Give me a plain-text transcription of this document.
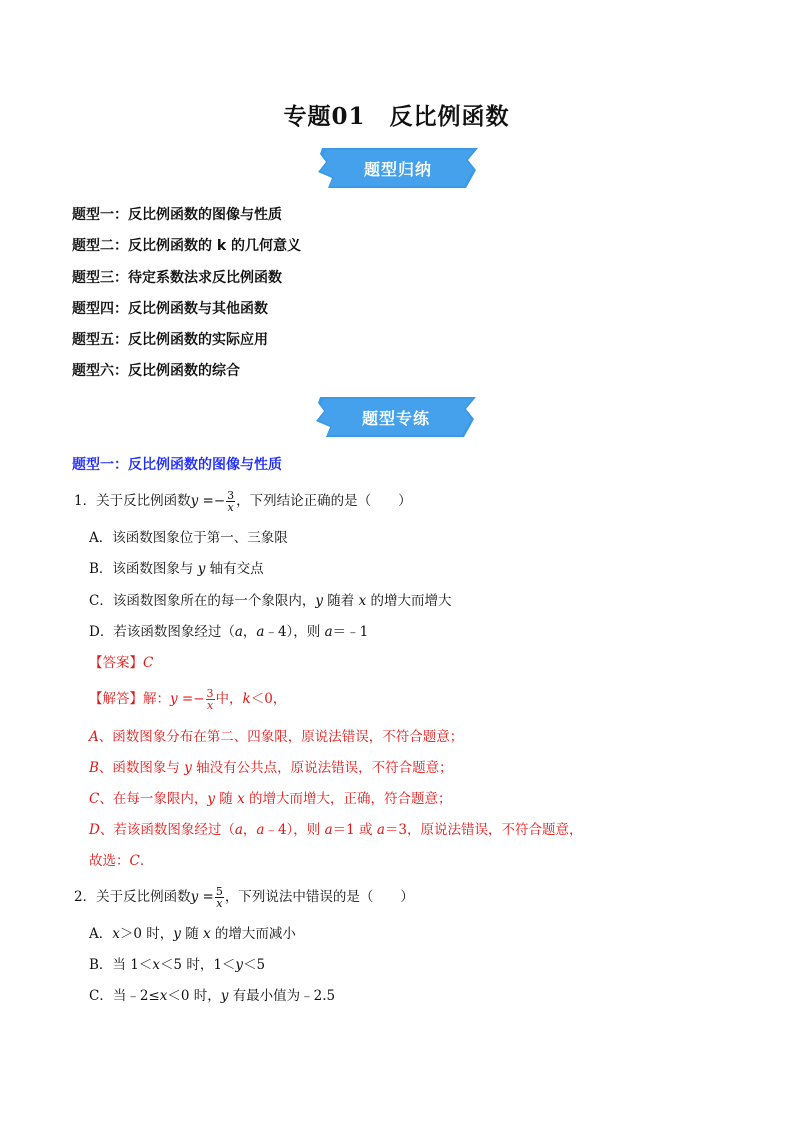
专题01　反比例函数
题型归纳
题型一：反比例函数的图像与性质
题型二：反比例函数的 k 的几何意义
题型三：待定系数法求反比例函数
题型四：反比例函数与其他函数
题型五：反比例函数的实际应用
题型六：反比例函数的综合
题型专练
题型一：反比例函数的图像与性质
1．关于反比例函数$y =- \frac{3}{x}$ ，下列结论正确的是（　　）
A．该函数图象位于第一、三象限
B．该函数图象与 y 轴有交点
C．该函数图象所在的每一个象限内，y 随着 x 的增大而增大
D．若该函数图象经过（a，a﹣4），则 a＝﹣1
【答案】C
【解答】解：$y =- \frac{3}{x}$ 中，k＜0，
A、函数图象分布在第二、四象限，原说法错误，不符合题意；
B、函数图象与 y 轴没有公共点，原说法错误，不符合题意；
C、在每一象限内，y 随 x 的增大而增大，正确，符合题意；
D、若该函数图象经过（a，a﹣4），则 a＝1 或 a＝3，原说法错误，不符合题意，
故选：C．
2．关于反比例函数$y = \frac{5}{x}$ ，下列说法中错误的是（　　）
A．x＞0 时，y 随 x 的增大而减小
B．当 1＜x＜5 时，1＜y＜5
C．当﹣2≤x＜0 时，y 有最小值为﹣2.5
